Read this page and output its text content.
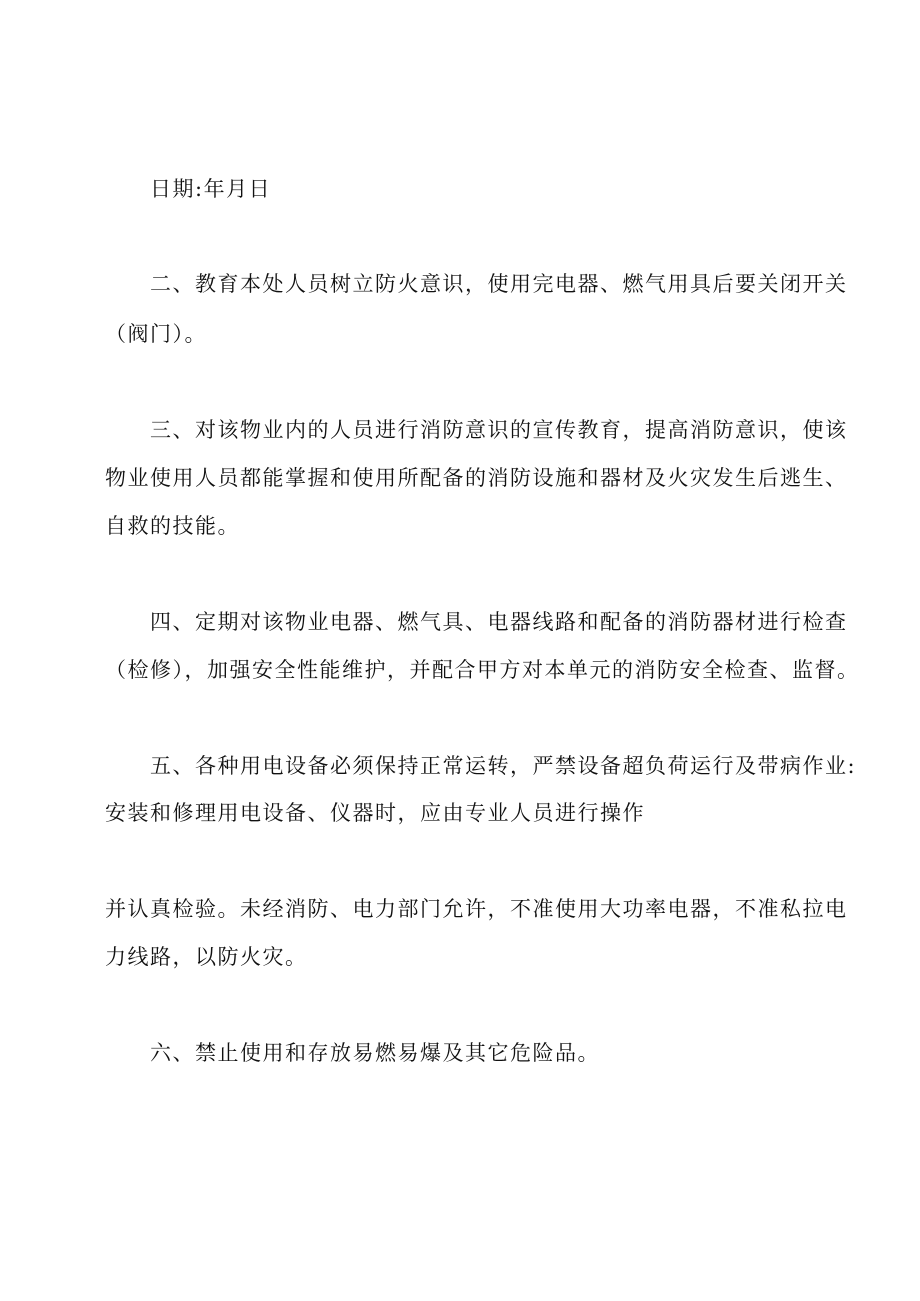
日期:年月日
二、教育本处人员树立防火意识，使用完电器、燃气用具后要关闭开关
（阀门）。
三、对该物业内的人员进行消防意识的宣传教育，提高消防意识，使该
物业使用人员都能掌握和使用所配备的消防设施和器材及火灾发生后逃生、
自救的技能。
四、定期对该物业电器、燃气具、电器线路和配备的消防器材进行检查
（检修），加强安全性能维护，并配合甲方对本单元的消防安全检查、监督。
五、各种用电设备必须保持正常运转，严禁设备超负荷运行及带病作业:
安装和修理用电设备、仪器时，应由专业人员进行操作
并认真检验。未经消防、电力部门允许，不准使用大功率电器，不准私拉电
力线路，以防火灾。
六、禁止使用和存放易燃易爆及其它危险品。
